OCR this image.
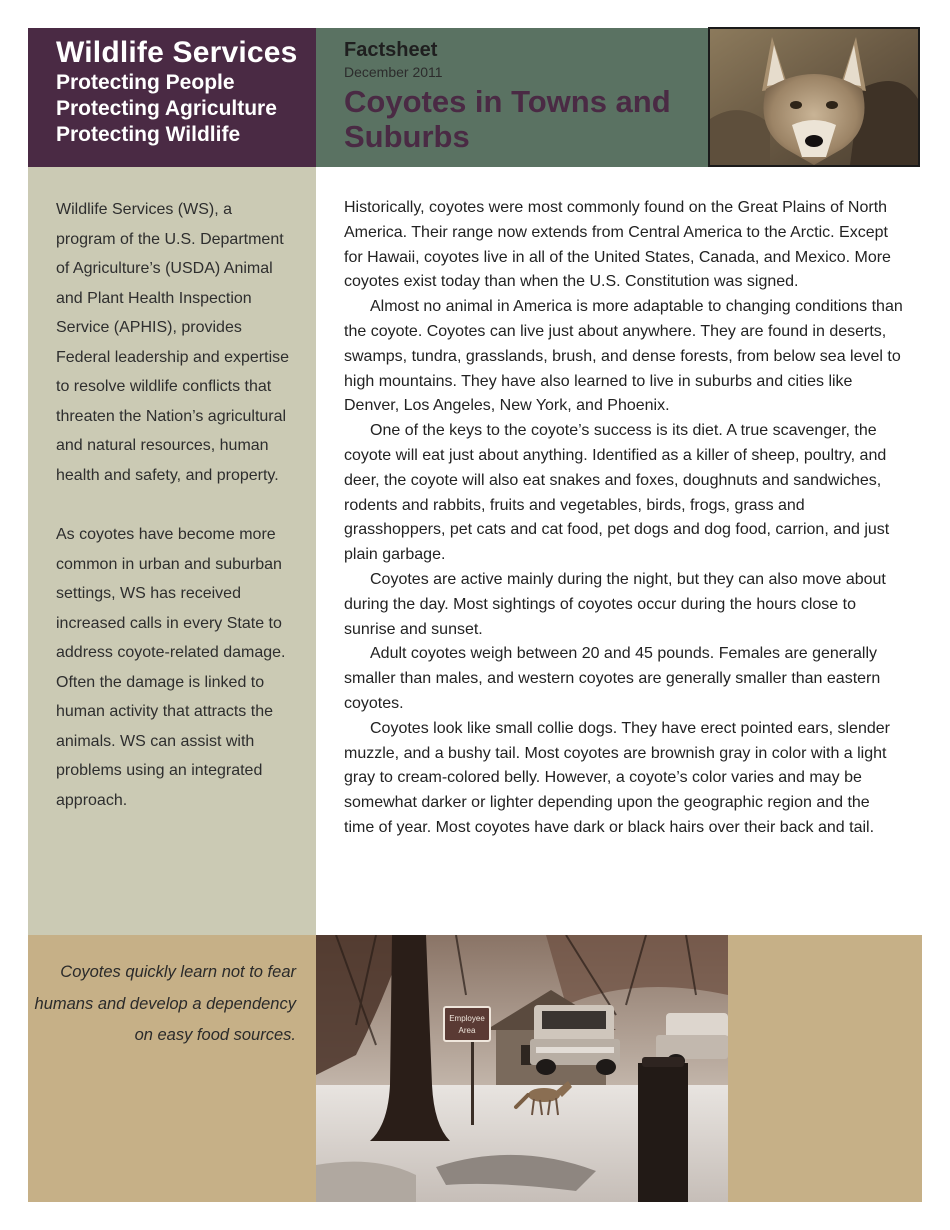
Wildlife Services

Protecting People

Protecting Agriculture

Protecting Wildlife

Factsheet

December 2011

Coyotes in Towns and Suburbs

Wildlife Services (WS), a program of the U.S. Department of Agriculture’s (USDA) Animal and Plant Health Inspection Service (APHIS), provides Federal leadership and expertise to resolve wildlife conflicts that threaten the Nation’s agricultural and natural resources, human health and safety, and property.

As coyotes have become more common in urban and suburban settings, WS has received increased calls in every State to address coyote-related damage. Often the damage is linked to human activity that attracts the animals. WS can assist with problems using an integrated approach.

Historically, coyotes were most commonly found on the Great Plains of North America. Their range now extends from Central America to the Arctic. Except for Hawaii, coyotes live in all of the United States, Canada, and Mexico. More coyotes exist today than when the U.S. Constitution was signed.

Almost no animal in America is more adaptable to changing conditions than the coyote. Coyotes can live just about anywhere. They are found in deserts, swamps, tundra, grasslands, brush, and dense forests, from below sea level to high mountains. They have also learned to live in suburbs and cities like Denver, Los Angeles, New York, and Phoenix.

One of the keys to the coyote’s success is its diet. A true scavenger, the coyote will eat just about anything. Identified as a killer of sheep, poultry, and deer, the coyote will also eat snakes and foxes, doughnuts and sandwiches, rodents and rabbits, fruits and vegetables, birds, frogs, grass and grasshoppers, pet cats and cat food, pet dogs and dog food, carrion, and just plain garbage.

Coyotes are active mainly during the night, but they can also move about during the day. Most sightings of coyotes occur during the hours close to sunrise and sunset.

Adult coyotes weigh between 20 and 45 pounds. Females are generally smaller than males, and western coyotes are generally smaller than eastern coyotes.

Coyotes look like small collie dogs. They have erect pointed ears, slender muzzle, and a bushy tail. Most coyotes are brownish gray in color with a light gray to cream-colored belly. However, a coyote’s color varies and may be somewhat darker or lighter depending upon the geographic region and the time of year. Most coyotes have dark or black hairs over their back and tail.

Coyotes quickly learn not to fear humans and develop a dependency on easy food sources.
Employee
Area
